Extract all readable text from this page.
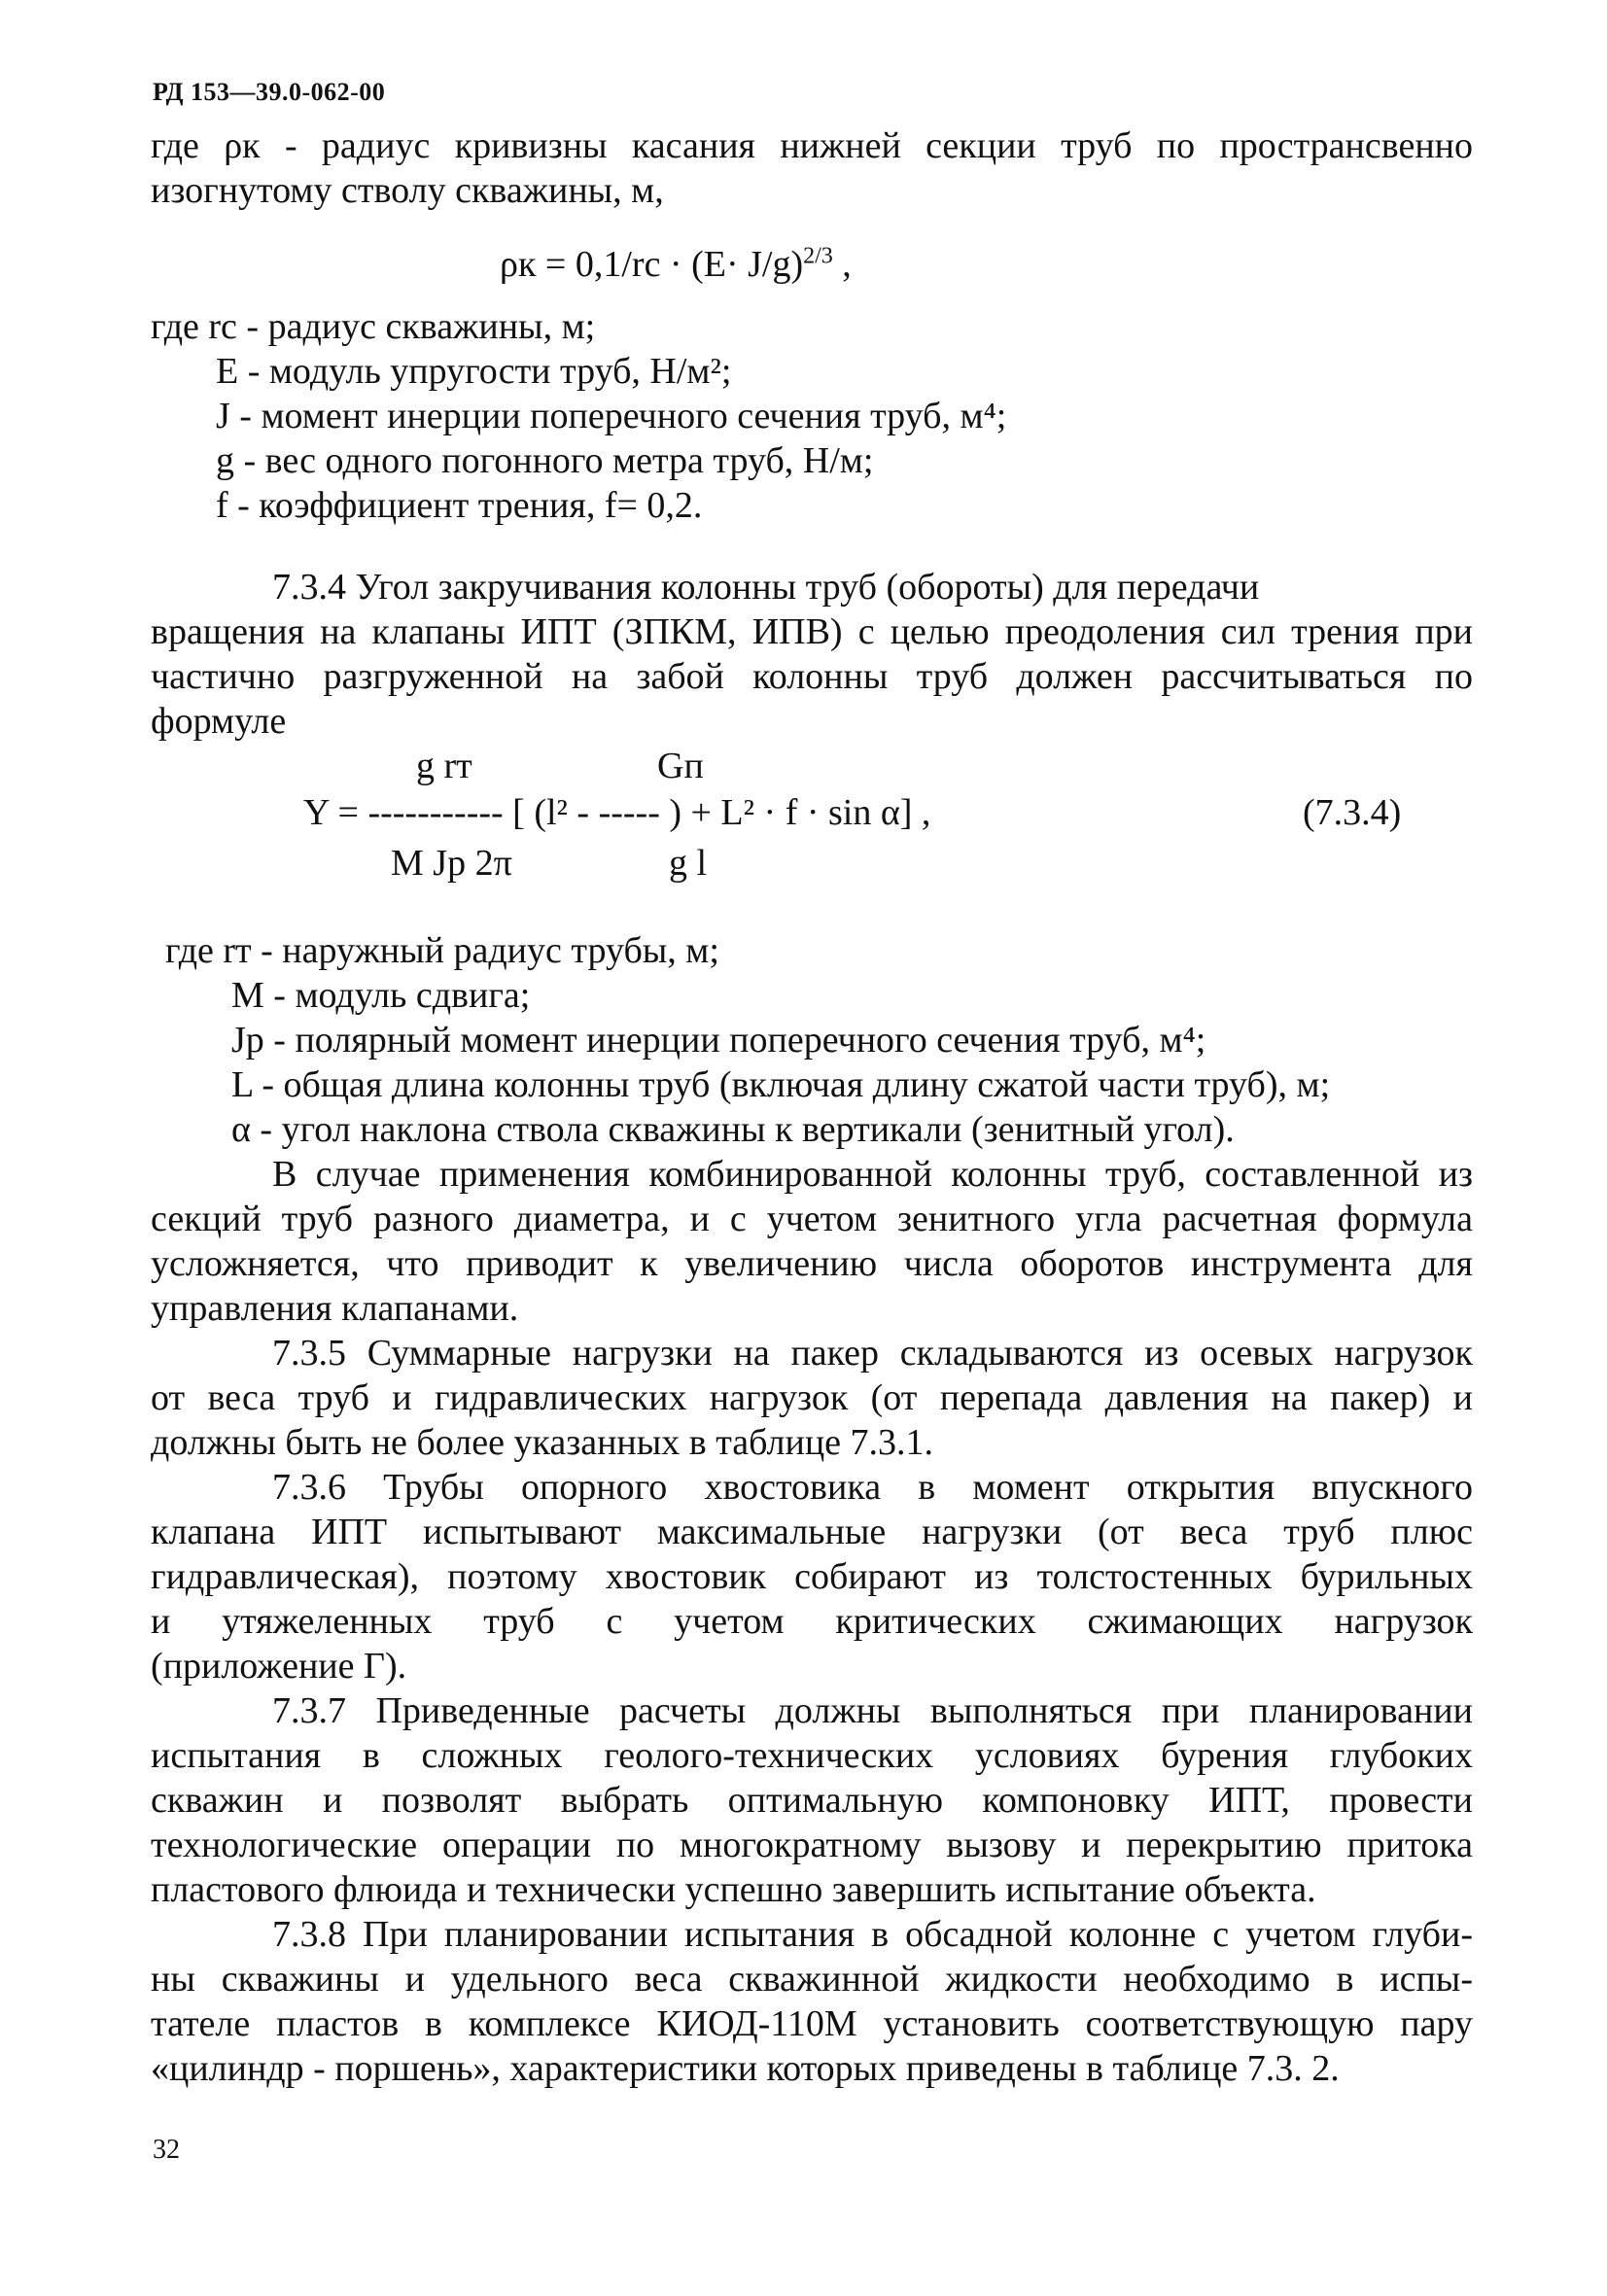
РД 153—39.0-062-00
где ρк - радиус кривизны касания нижней секции труб по пространсвенно
изогнутому стволу скважины, м,
$\rho к = 0,1/rс \cdot (E\cdot J/g)^{2/3}$ ,
где rс - радиус скважины, м;
E - модуль упругости труб, Н/м²;
J - момент инерции поперечного сечения труб, м⁴;
g - вес одного погонного метра труб, Н/м;
f - коэффициент трения, f= 0,2.
7.3.4 Угол закручивания колонны труб (обороты) для передачи
вращения на клапаны ИПТ (ЗПКМ, ИПВ) с целью преодоления сил трения при
частично разгруженной на забой колонны труб должен рассчитываться по
формуле
g rт	Gп
Y = ----------- [ (l² - ----- ) + L² · f · sin α] ,	(7.3.4)
M Jp 2π	g l
где rт - наружный радиус трубы, м;
M - модуль сдвига;
Jp - полярный момент инерции поперечного сечения труб, м⁴;
L - общая длина колонны труб (включая длину сжатой части труб), м;
α - угол наклона ствола скважины к вертикали (зенитный угол).
В случае применения комбинированной колонны труб, составленной из
секций труб разного диаметра, и с учетом зенитного угла расчетная формула
усложняется, что приводит к увеличению числа оборотов инструмента для
управления клапанами.
7.3.5 Суммарные нагрузки на пакер складываются из осевых нагрузок
от веса труб и гидравлических нагрузок (от перепада давления на пакер) и
должны быть не более указанных в таблице 7.3.1.
7.3.6 Трубы опорного хвостовика в момент открытия впускного
клапана ИПТ испытывают максимальные нагрузки (от веса труб плюс
гидравлическая), поэтому хвостовик собирают из толстостенных бурильных
и утяжеленных труб с учетом критических сжимающих нагрузок
(приложение Г).
7.3.7 Приведенные расчеты должны выполняться при планировании
испытания в сложных геолого-технических условиях бурения глубоких
скважин и позволят выбрать оптимальную компоновку ИПТ, провести
технологические операции по многократному вызову и перекрытию притока
пластового флюида и технически успешно завершить испытание объекта.
7.3.8 При планировании испытания в обсадной колонне с учетом глуби-
ны скважины и удельного веса скважинной жидкости необходимо в испы-
тателе пластов в комплексе КИОД-110М установить соответствующую пару
«цилиндр - поршень», характеристики которых приведены в таблице 7.3. 2.
32
